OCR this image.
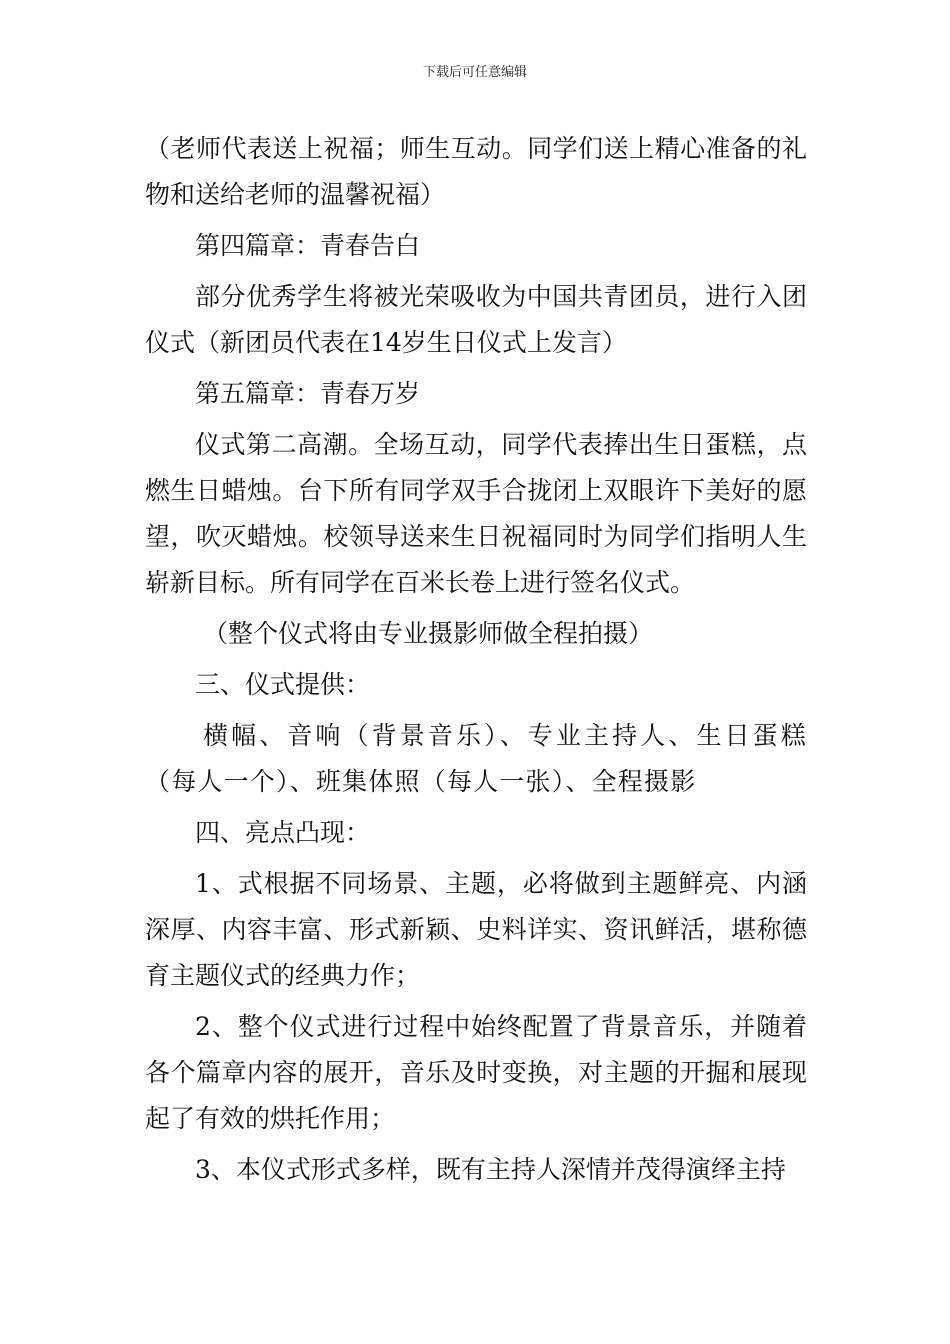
下载后可任意编辑

（老师代表送上祝福；师生互动。同学们送上精心准备的礼物和送给老师的温馨祝福）

第四篇章：青春告白

部分优秀学生将被光荣吸收为中国共青团员，进行入团仪式（新团员代表在14岁生日仪式上发言）

第五篇章：青春万岁

仪式第二高潮。全场互动，同学代表捧出生日蛋糕，点燃生日蜡烛。台下所有同学双手合拢闭上双眼许下美好的愿望，吹灭蜡烛。校领导送来生日祝福同时为同学们指明人生崭新目标。所有同学在百米长卷上进行签名仪式。

（整个仪式将由专业摄影师做全程拍摄）

三、仪式提供：

横幅、音响（背景音乐）、专业主持人、生日蛋糕（每人一个）、班集体照（每人一张）、全程摄影

四、亮点凸现：

1、式根据不同场景、主题，必将做到主题鲜亮、内涵深厚、内容丰富、形式新颖、史料详实、资讯鲜活，堪称德育主题仪式的经典力作；

2、整个仪式进行过程中始终配置了背景音乐，并随着各个篇章内容的展开，音乐及时变换，对主题的开掘和展现起了有效的烘托作用；

3、本仪式形式多样，既有主持人深情并茂得演绎主持
